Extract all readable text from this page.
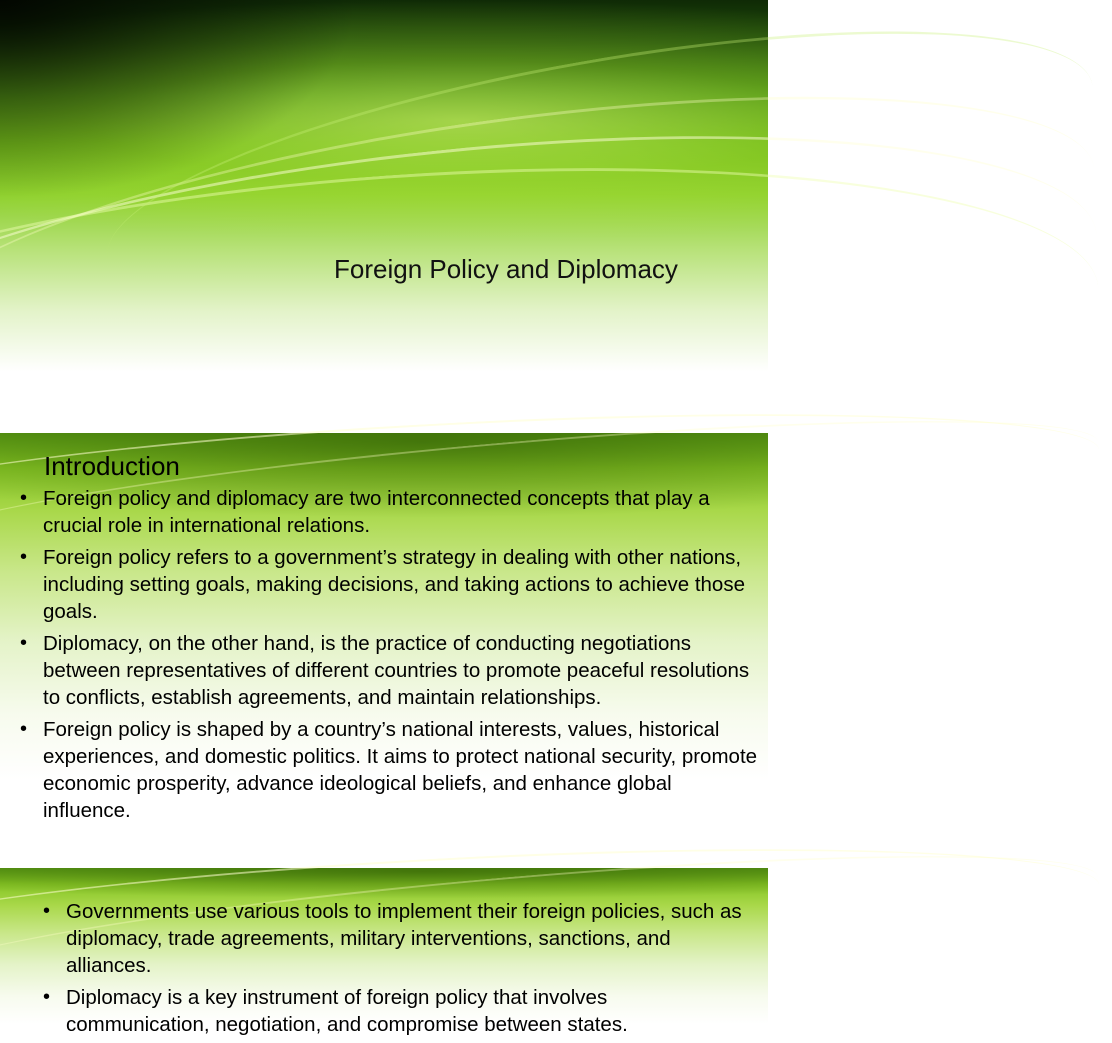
Foreign Policy and Diplomacy
Introduction
• Foreign policy and diplomacy are two interconnected concepts that play a crucial role in international relations.
• Foreign policy refers to a government’s strategy in dealing with other nations, including setting goals, making decisions, and taking actions to achieve those goals.
• Diplomacy, on the other hand, is the practice of conducting negotiations between representatives of different countries to promote peaceful resolutions to conflicts, establish agreements, and maintain relationships.
• Foreign policy is shaped by a country’s national interests, values, historical experiences, and domestic politics. It aims to protect national security, promote economic prosperity, advance ideological beliefs, and enhance global influence.
• Governments use various tools to implement their foreign policies, such as diplomacy, trade agreements, military interventions, sanctions, and alliances.
• Diplomacy is a key instrument of foreign policy that involves communication, negotiation, and compromise between states.
